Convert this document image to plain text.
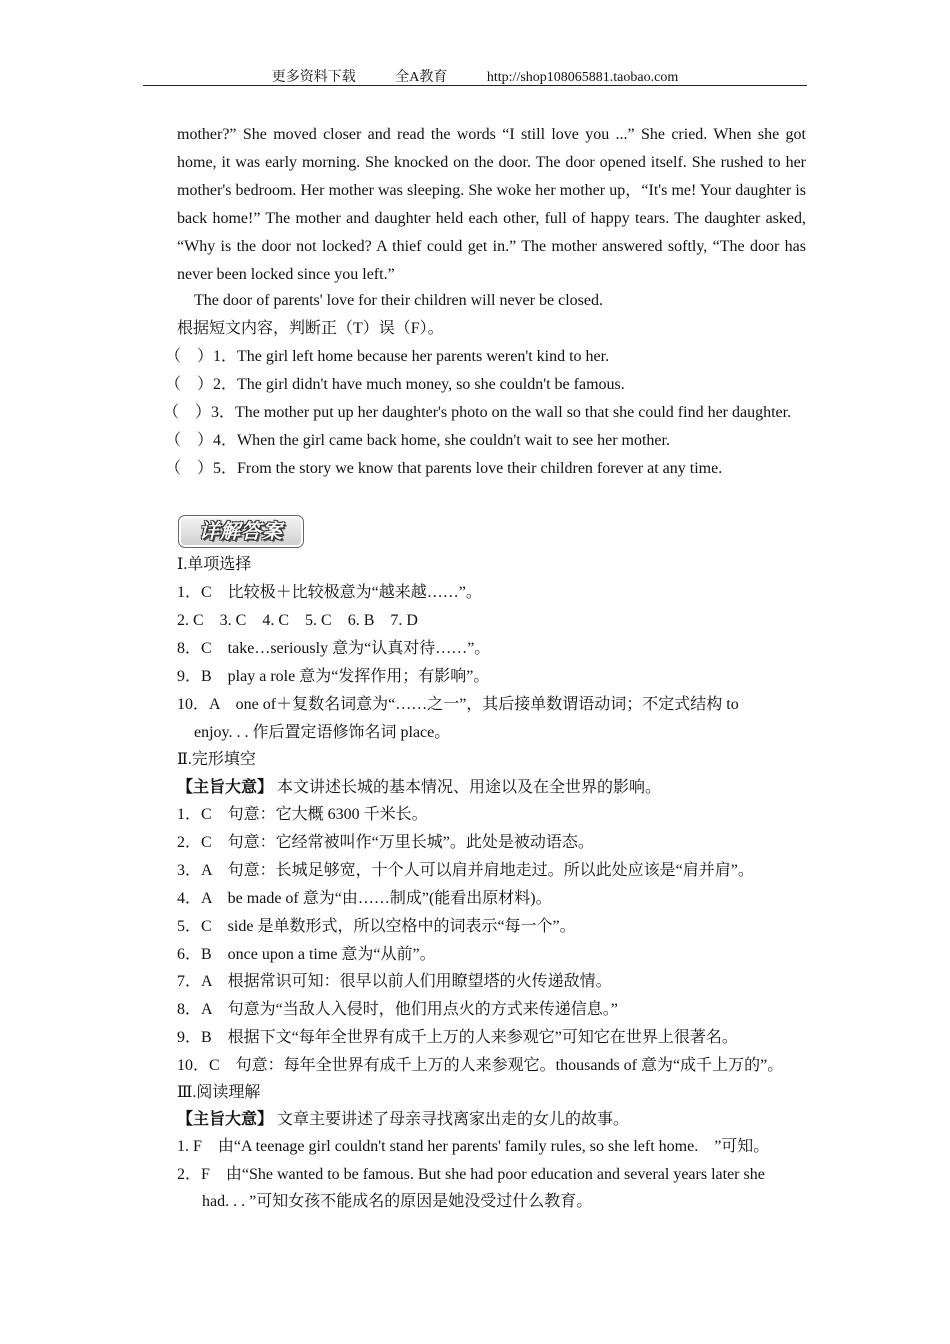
更多资料下载	全A教育	http://shop108065881.taobao.com
mother?” She moved closer and read the words “I still love you ...” She cried. When she got home, it was early morning. She knocked on the door. The door opened itself. She rushed to her mother's bedroom. Her mother was sleeping. She woke her mother up，“It's me! Your daughter is back home!” The mother and daughter held each other, full of happy tears. The daughter asked, “Why is the door not locked? A thief could get in.” The mother answered softly, “The door has never been locked since you left.”
The door of parents' love for their children will never be closed.
根据短文内容，判断正（T）误（F）。
（　）1．The girl left home because her parents weren't kind to her.
（　）2．The girl didn't have much money, so she couldn't be famous.
（　）3．The mother put up her daughter's photo on the wall so that she could find her daughter.
（　）4．When the girl came back home, she couldn't wait to see her mother.
（　）5．From the story we know that parents love their children forever at any time.
详解答案
Ⅰ.单项选择
1．C　比较极＋比较极意为“越来越……”。
2. C　3. C　4. C　5. C　6. B　7. D
8．C　take…seriously 意为“认真对待……”。
9．B　play a role 意为“发挥作用；有影响”。
10．A　one of＋复数名词意为“……之一”，其后接单数谓语动词；不定式结构 to
enjoy. . . 作后置定语修饰名词 place。
Ⅱ.完形填空
【主旨大意】 本文讲述长城的基本情况、用途以及在全世界的影响。
1．C　句意：它大概 6300 千米长。
2．C　句意：它经常被叫作“万里长城”。此处是被动语态。
3．A　句意：长城足够宽，十个人可以肩并肩地走过。所以此处应该是“肩并肩”。
4．A　be made of 意为“由……制成”(能看出原材料)。
5．C　side 是单数形式，所以空格中的词表示“每一个”。
6．B　once upon a time 意为“从前”。
7．A　根据常识可知：很早以前人们用瞭望塔的火传递敌情。
8．A　句意为“当敌人入侵时，他们用点火的方式来传递信息。”
9．B　根据下文“每年全世界有成千上万的人来参观它”可知它在世界上很著名。
10．C　句意：每年全世界有成千上万的人来参观它。thousands of 意为“成千上万的”。
Ⅲ.阅读理解
【主旨大意】 文章主要讲述了母亲寻找离家出走的女儿的故事。
1. F　由“A teenage girl couldn't stand her parents' family rules, so she left home.　”可知。
2．F　由“She wanted to be famous. But she had poor education and several years later she
had. . . ”可知女孩不能成名的原因是她没受过什么教育。
